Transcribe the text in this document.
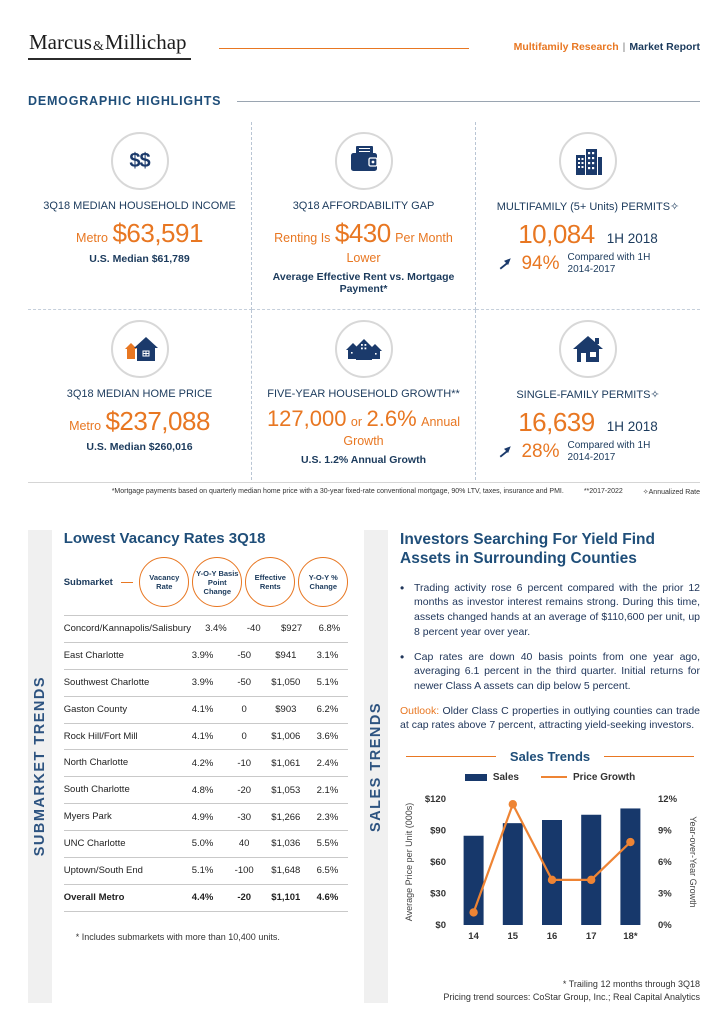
Marcus&Millichap	Multifamily Research | Market Report
DEMOGRAPHIC HIGHLIGHTS
$$
3Q18 MEDIAN HOUSEHOLD INCOME
Metro $63,591
U.S. Median $61,789
3Q18 AFFORDABILITY GAP
Renting Is $430 Per Month Lower
Average Effective Rent vs. Mortgage Payment*
MULTIFAMILY (5+ Units) PERMITS✧
10,084 1H 2018
94% Compared with 1H 2014-2017
3Q18 MEDIAN HOME PRICE
Metro $237,088
U.S. Median $260,016
FIVE-YEAR HOUSEHOLD GROWTH**
127,000 or 2.6% Annual Growth
U.S. 1.2% Annual Growth
SINGLE-FAMILY PERMITS✧
16,639 1H 2018
28% Compared with 1H 2014-2017
*Mortgage payments based on quarterly median home price with a 30-year fixed-rate conventional mortgage, 90% LTV, taxes, insurance and PMI.	**2017-2022	✧Annualized Rate
SUBMARKET TRENDS
Lowest Vacancy Rates 3Q18
Submarket	Vacancy Rate
Y-O-Y Basis Point Change
Effective Rents
Y-O-Y % Change
Concord/Kannapolis/Salisbury	3.4%	-40	$927	6.8%
East Charlotte	3.9%	-50	$941	3.1%
Southwest Charlotte	3.9%	-50	$1,050	5.1%
Gaston County	4.1%	0	$903	6.2%
Rock Hill/Fort Mill	4.1%	0	$1,006	3.6%
North Charlotte	4.2%	-10	$1,061	2.4%
South Charlotte	4.8%	-20	$1,053	2.1%
Myers Park	4.9%	-30	$1,266	2.3%
UNC Charlotte	5.0%	40	$1,036	5.5%
Uptown/South End	5.1%	-100	$1,648	6.5%
Overall Metro	4.4%	-20	$1,101	4.6%
* Includes submarkets with more than 10,400 units.
SALES TRENDS
Investors Searching For Yield Find Assets in Surrounding Counties
• Trading activity rose 6 percent compared with the prior 12 months as investor interest remains strong. During this time, assets changed hands at an average of $110,600 per unit, up 8 percent year over year.
• Cap rates are down 40 basis points from one year ago, averaging 6.1 percent in the third quarter. Initial returns for newer Class A assets can dip below 5 percent.

Outlook: Older Class C properties in outlying counties can trade at cap rates above 7 percent, attracting yield-seeking investors.

Sales Trends
Sales	Price Growth
$0
$30
$60
$90
$120
0%
3%
6%
9%
12%
14	15	16	17	18*
Average Price per Unit (000s)	Year-over-Year Growth
* Trailing 12 months through 3Q18
Pricing trend sources: CoStar Group, Inc.; Real Capital Analytics
